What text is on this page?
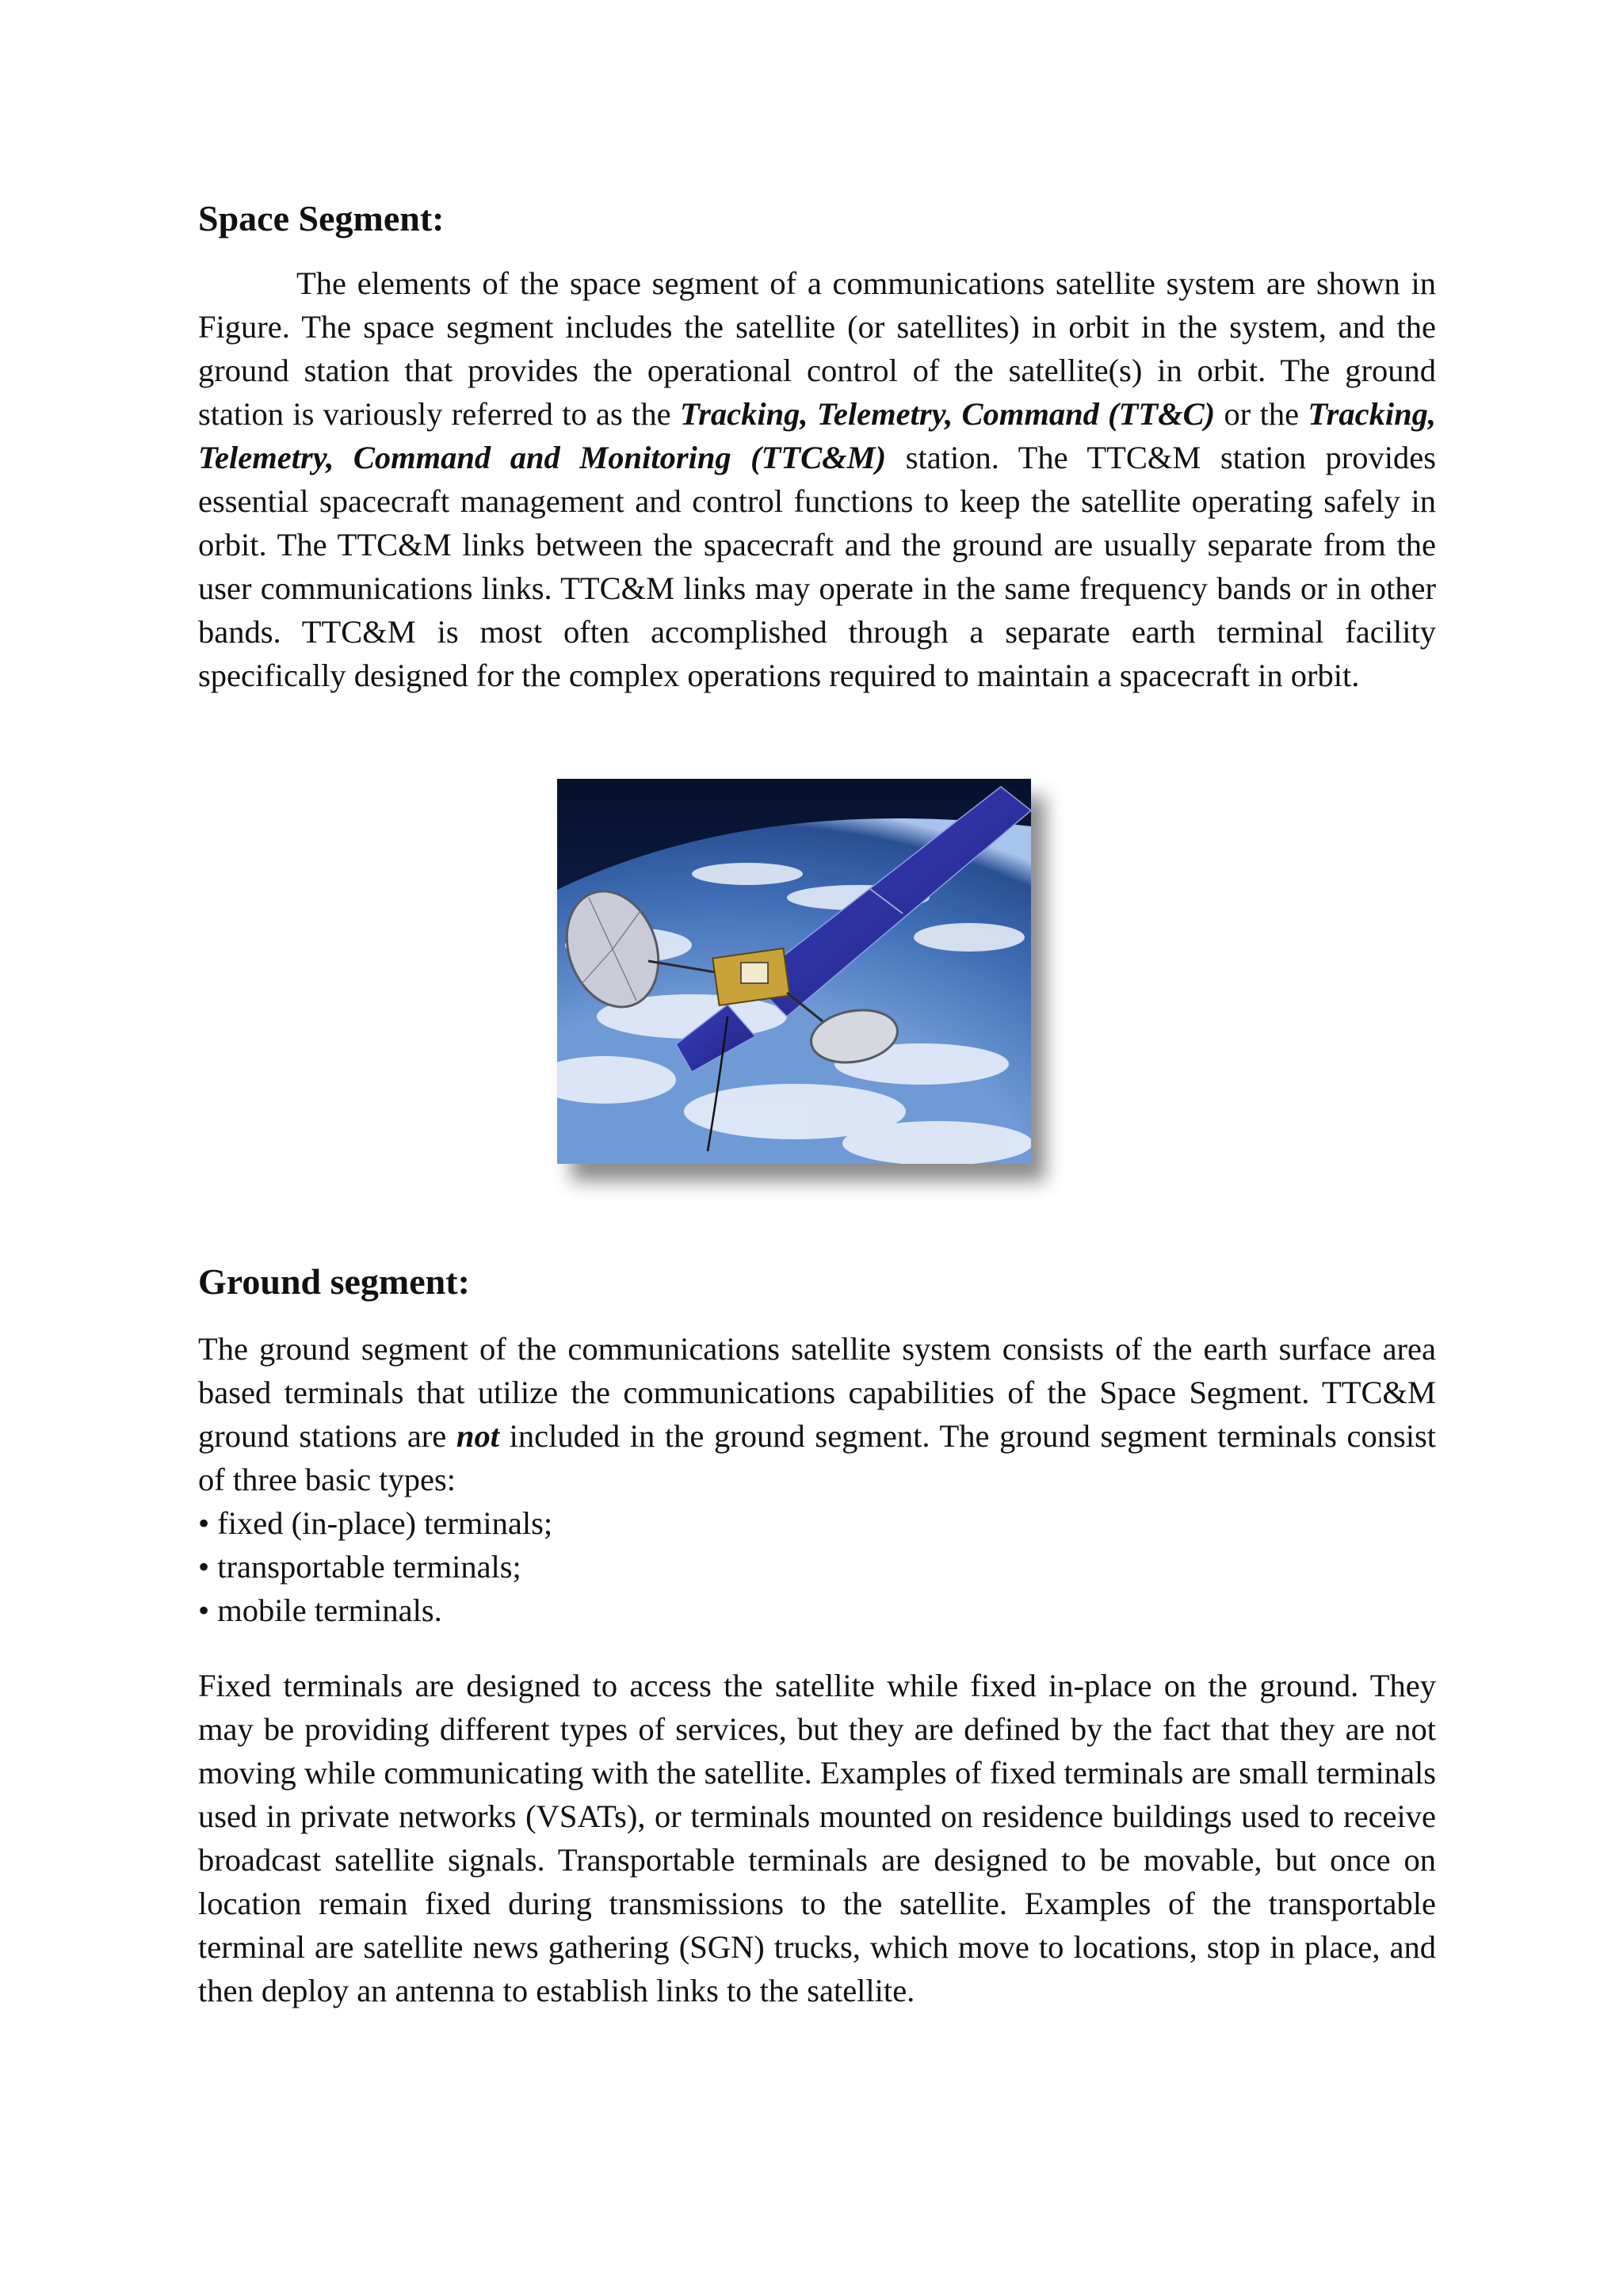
Space Segment:

The elements of the space segment of a communications satellite system are shown in Figure. The space segment includes the satellite (or satellites) in orbit in the system, and the ground station that provides the operational control of the satellite(s) in orbit. The ground station is variously referred to as the Tracking, Telemetry, Command (TT&C) or the Tracking, Telemetry, Command and Monitoring (TTC&M) station. The TTC&M station provides essential spacecraft management and control functions to keep the satellite operating safely in orbit. The TTC&M links between the spacecraft and the ground are usually separate from the user communications links. TTC&M links may operate in the same frequency bands or in other bands. TTC&M is most often accomplished through a separate earth terminal facility specifically designed for the complex operations required to maintain a spacecraft in orbit.

Ground segment:

The ground segment of the communications satellite system consists of the earth surface area based terminals that utilize the communications capabilities of the Space Segment. TTC&M ground stations are not included in the ground segment. The ground segment terminals consist of three basic types:

• fixed (in-place) terminals;
• transportable terminals;
• mobile terminals.

Fixed terminals are designed to access the satellite while fixed in-place on the ground. They may be providing different types of services, but they are defined by the fact that they are not moving while communicating with the satellite. Examples of fixed terminals are small terminals used in private networks (VSATs), or terminals mounted on residence buildings used to receive broadcast satellite signals. Transportable terminals are designed to be movable, but once on location remain fixed during transmissions to the satellite. Examples of the transportable terminal are satellite news gathering (SGN) trucks, which move to locations, stop in place, and then deploy an antenna to establish links to the satellite.
